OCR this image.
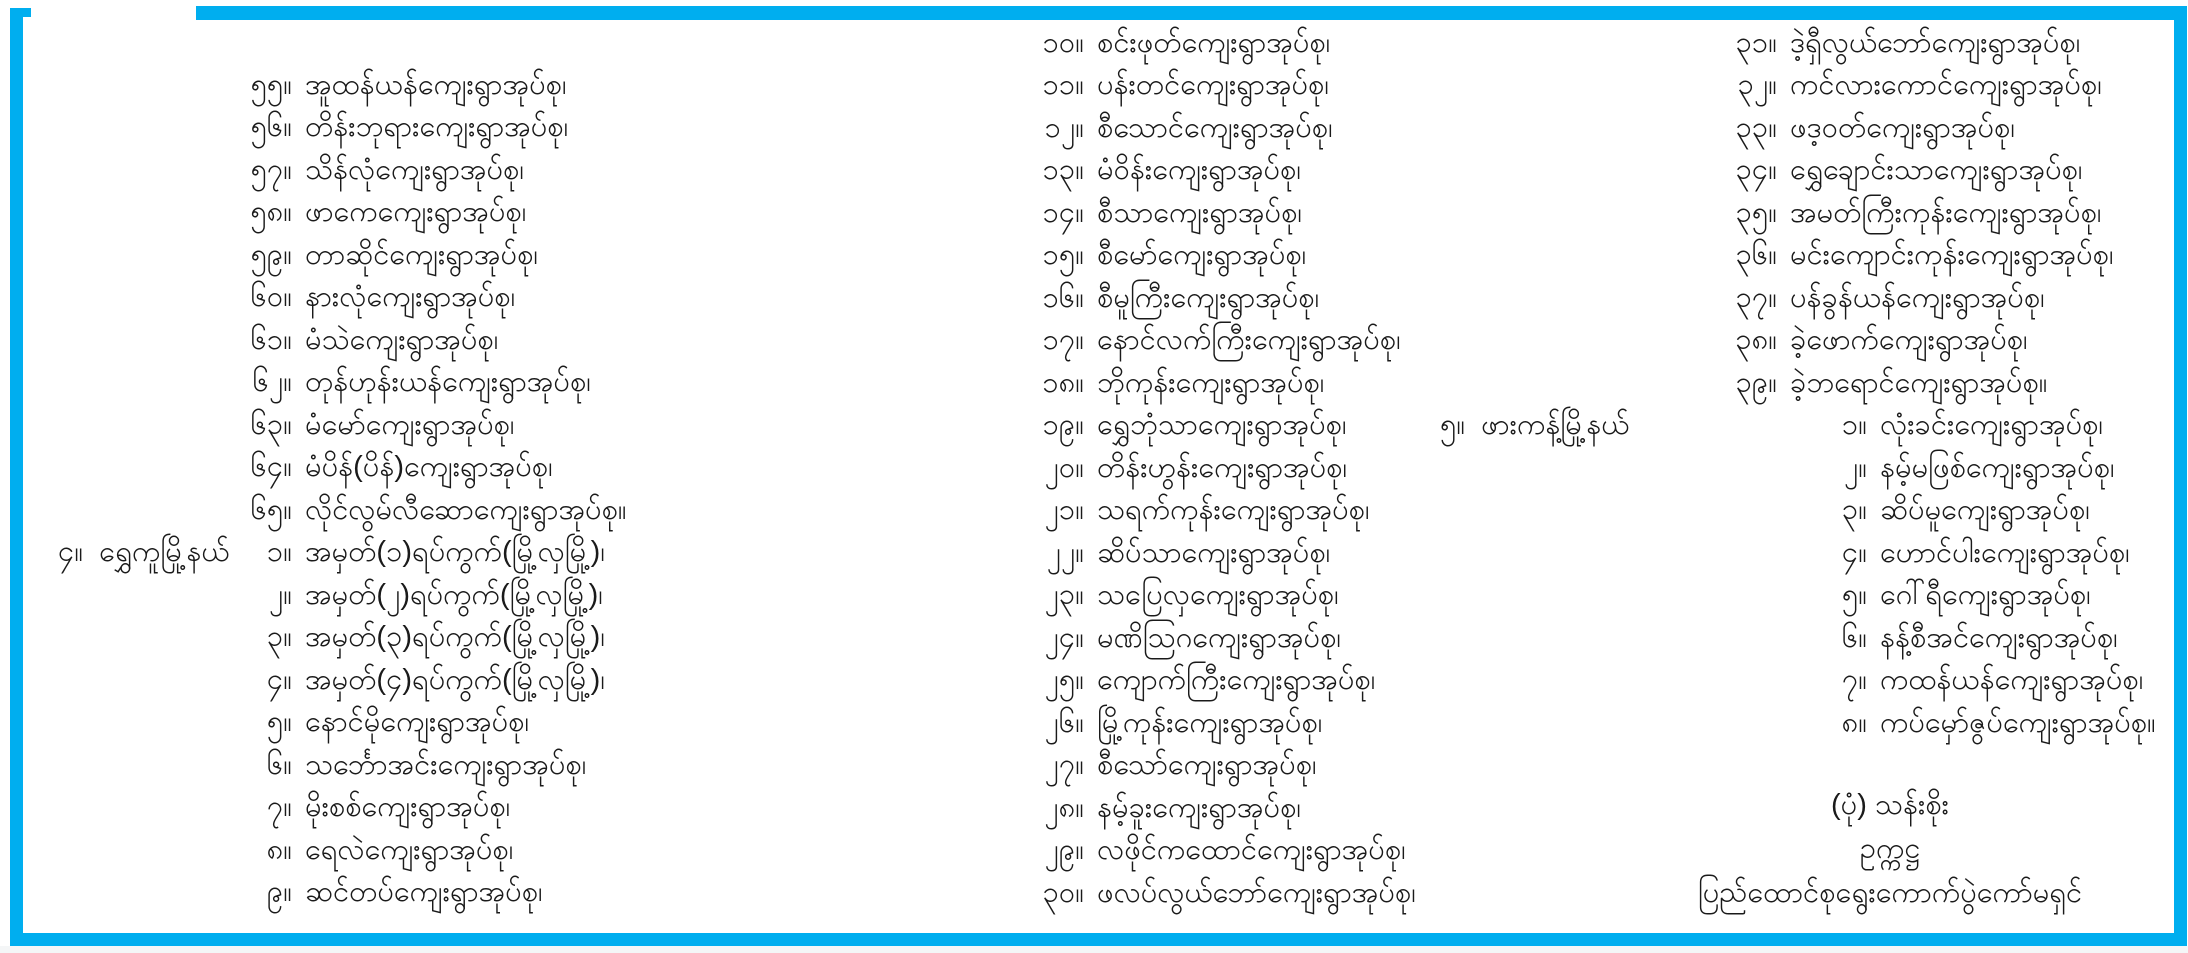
၄။ ရွှေကူမြို့နယ်
၅။ ဖားကန့်မြို့နယ်
၅၅။ အူထန်ယန်ကျေးရွာအုပ်စု၊
၅၆။ တိန်းဘုရားကျေးရွာအုပ်စု၊
၅၇။ သိန်လုံကျေးရွာအုပ်စု၊
၅၈။ ဖာကေကျေးရွာအုပ်စု၊
၅၉။ တာဆိုင်ကျေးရွာအုပ်စု၊
၆၀။ နားလုံကျေးရွာအုပ်စု၊
၆၁။ မံသဲကျေးရွာအုပ်စု၊
၆၂။ တုန်ဟုန်းယန်ကျေးရွာအုပ်စု၊
၆၃။ မံမော်ကျေးရွာအုပ်စု၊
၆၄။ မံပိန်(ပိန်)ကျေးရွာအုပ်စု၊
၆၅။ လိုင်လွမ်လီဆောကျေးရွာအုပ်စု။
၁။ အမှတ်(၁)ရပ်ကွက်(မြို့လှမြို့)၊
၂။ အမှတ်(၂)ရပ်ကွက်(မြို့လှမြို့)၊
၃။ အမှတ်(၃)ရပ်ကွက်(မြို့လှမြို့)၊
၄။ အမှတ်(၄)ရပ်ကွက်(မြို့လှမြို့)၊
၅။ နောင်မိုကျေးရွာအုပ်စု၊
၆။ သင်္ဘောအင်းကျေးရွာအုပ်စု၊
၇။ မိုးစစ်ကျေးရွာအုပ်စု၊
၈။ ရေလဲကျေးရွာအုပ်စု၊
၉။ ဆင်တပ်ကျေးရွာအုပ်စု၊
၁၀။ စင်းဖုတ်ကျေးရွာအုပ်စု၊
၁၁။ ပန်းတင်ကျေးရွာအုပ်စု၊
၁၂။ စီသောင်ကျေးရွာအုပ်စု၊
၁၃။ မံဝိန်းကျေးရွာအုပ်စု၊
၁၄။ စီသာကျေးရွာအုပ်စု၊
၁၅။ စီမော်ကျေးရွာအုပ်စု၊
၁၆။ စီမူကြီးကျေးရွာအုပ်စု၊
၁၇။ နောင်လက်ကြီးကျေးရွာအုပ်စု၊
၁၈။ ဘိုကုန်းကျေးရွာအုပ်စု၊
၁၉။ ရွှေဘုံသာကျေးရွာအုပ်စု၊
၂၀။ တိန်းဟွန်းကျေးရွာအုပ်စု၊
၂၁။ သရက်ကုန်းကျေးရွာအုပ်စု၊
၂၂။ ဆိပ်သာကျေးရွာအုပ်စု၊
၂၃။ သပြေလှကျေးရွာအုပ်စု၊
၂၄။ မဏိသြဂကျေးရွာအုပ်စု၊
၂၅။ ကျောက်ကြီးကျေးရွာအုပ်စု၊
၂၆။ မြို့ကုန်းကျေးရွာအုပ်စု၊
၂၇။ စီသော်ကျေးရွာအုပ်စု၊
၂၈။ နမ့်ခူးကျေးရွာအုပ်စု၊
၂၉။ လဖိုင်ကထောင်ကျေးရွာအုပ်စု၊
၃၀။ ဖလပ်လွယ်ဘော်ကျေးရွာအုပ်စု၊
၃၁။ ဒဲ့ရှီလွယ်ဘော်ကျေးရွာအုပ်စု၊
၃၂။ ကင်လားကောင်ကျေးရွာအုပ်စု၊
၃၃။ ဖဒ့ဝတ်ကျေးရွာအုပ်စု၊
၃၄။ ရွှေချောင်းသာကျေးရွာအုပ်စု၊
၃၅။ အမတ်ကြီးကုန်းကျေးရွာအုပ်စု၊
၃၆။ မင်းကျောင်းကုန်းကျေးရွာအုပ်စု၊
၃၇။ ပန်ခွန်ယန်ကျေးရွာအုပ်စု၊
၃၈။ ခဲ့ဖောက်ကျေးရွာအုပ်စု၊
၃၉။ ခဲ့ဘရောင်ကျေးရွာအုပ်စု။
၁။ လုံးခင်းကျေးရွာအုပ်စု၊
၂။ နမ့်မဖြစ်ကျေးရွာအုပ်စု၊
၃။ ဆိပ်မူကျေးရွာအုပ်စု၊
၄။ ဟောင်ပါးကျေးရွာအုပ်စု၊
၅။ ဂေါ်ရီကျေးရွာအုပ်စု၊
၆။ နန့်စီအင်ကျေးရွာအုပ်စု၊
၇။ ကထန်ယန်ကျေးရွာအုပ်စု၊
၈။ ကပ်မှော်ဇွပ်ကျေးရွာအုပ်စု။
(ပုံ) သန်းစိုး
ဥက္ကဋ္ဌ
ပြည်ထောင်စုရွေးကောက်ပွဲကော်မရှင်
